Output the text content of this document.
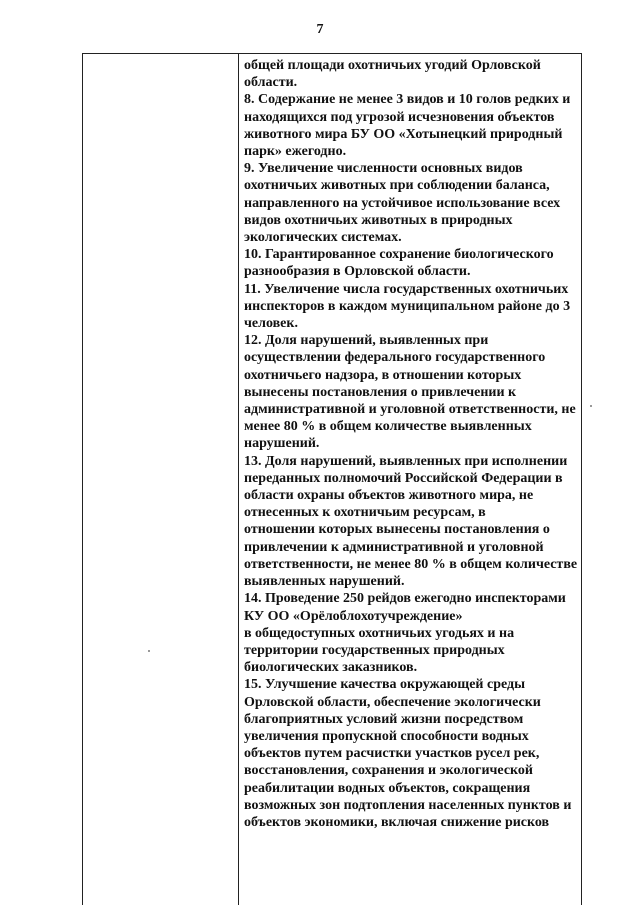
7
общей площади охотничьих угодий Орловской
области.
8. Содержание не менее 3 видов и 10 голов редких и
находящихся под угрозой исчезновения объектов
животного мира БУ ОО «Хотынецкий природный
парк» ежегодно.
9. Увеличение численности основных видов
охотничьих животных при соблюдении баланса,
направленного на устойчивое использование всех
видов охотничьих животных в природных
экологических системах.
10. Гарантированное сохранение биологического
разнообразия в Орловской области.
11. Увеличение числа государственных охотничьих
инспекторов в каждом муниципальном районе до 3
человек.
12. Доля нарушений, выявленных при
осуществлении федерального государственного
охотничьего надзора, в отношении которых
вынесены постановления о привлечении к
административной и уголовной ответственности, не
менее 80 % в общем количестве выявленных
нарушений.
13. Доля нарушений, выявленных при исполнении
переданных полномочий Российской Федерации в
области охраны объектов животного мира, не
отнесенных к охотничьим ресурсам, в
отношении которых вынесены постановления о
привлечении к административной и уголовной
ответственности, не менее 80 % в общем количестве
выявленных нарушений.
14. Проведение 250 рейдов ежегодно инспекторами
КУ ОО «Орёлоблохотучреждение»
в общедоступных охотничьих угодьях и на
территории государственных природных
биологических заказников.
15. Улучшение качества окружающей среды
Орловской области, обеспечение экологически
благоприятных условий жизни посредством
увеличения пропускной способности водных
объектов путем расчистки участков русел рек,
восстановления, сохранения и экологической
реабилитации водных объектов, сокращения
возможных зон подтопления населенных пунктов и
объектов экономики, включая снижение рисков
